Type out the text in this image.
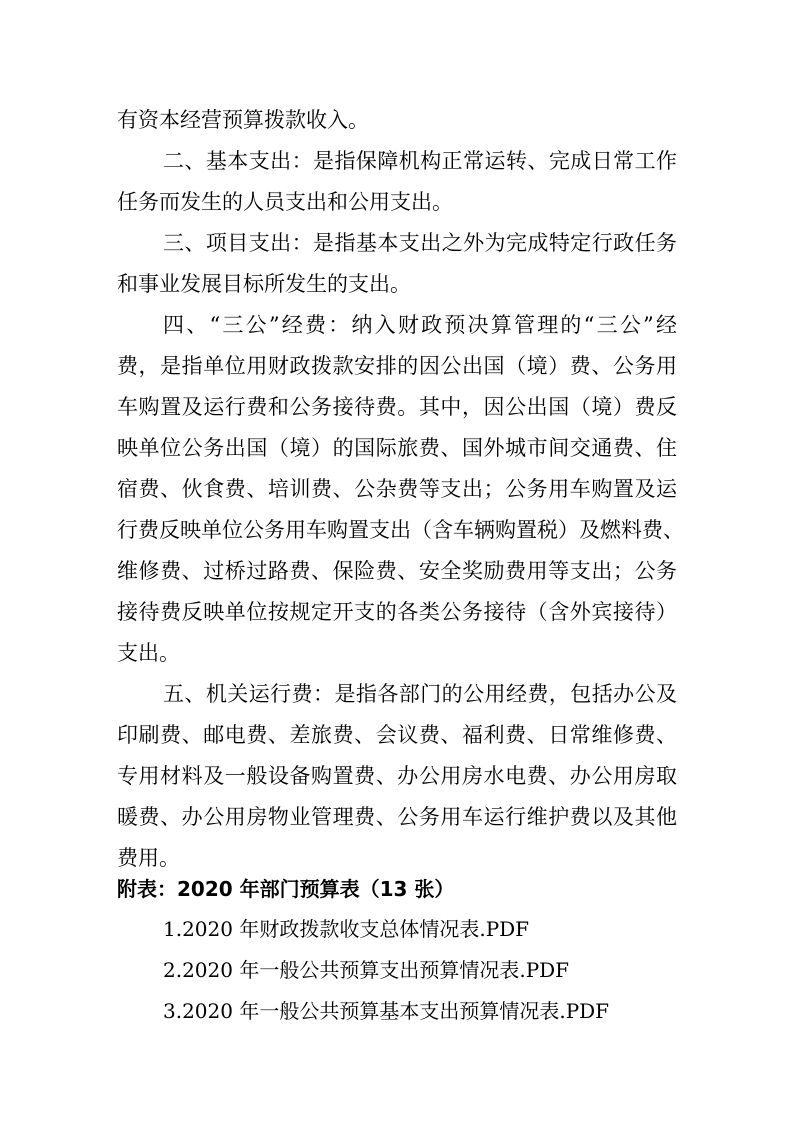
有资本经营预算拨款收入。
二、基本支出：是指保障机构正常运转、完成日常工作
任务而发生的人员支出和公用支出。
三、项目支出：是指基本支出之外为完成特定行政任务
和事业发展目标所发生的支出。
四、“三公”经费：纳入财政预决算管理的“三公”经
费，是指单位用财政拨款安排的因公出国（境）费、公务用
车购置及运行费和公务接待费。其中，因公出国（境）费反
映单位公务出国（境）的国际旅费、国外城市间交通费、住
宿费、伙食费、培训费、公杂费等支出；公务用车购置及运
行费反映单位公务用车购置支出（含车辆购置税）及燃料费、
维修费、过桥过路费、保险费、安全奖励费用等支出；公务
接待费反映单位按规定开支的各类公务接待（含外宾接待）
支出。
五、机关运行费：是指各部门的公用经费，包括办公及
印刷费、邮电费、差旅费、会议费、福利费、日常维修费、
专用材料及一般设备购置费、办公用房水电费、办公用房取
暖费、办公用房物业管理费、公务用车运行维护费以及其他
费用。
附表：2020 年部门预算表（13 张）
1.2020 年财政拨款收支总体情况表.PDF
2.2020 年一般公共预算支出预算情况表.PDF
3.2020 年一般公共预算基本支出预算情况表.PDF
